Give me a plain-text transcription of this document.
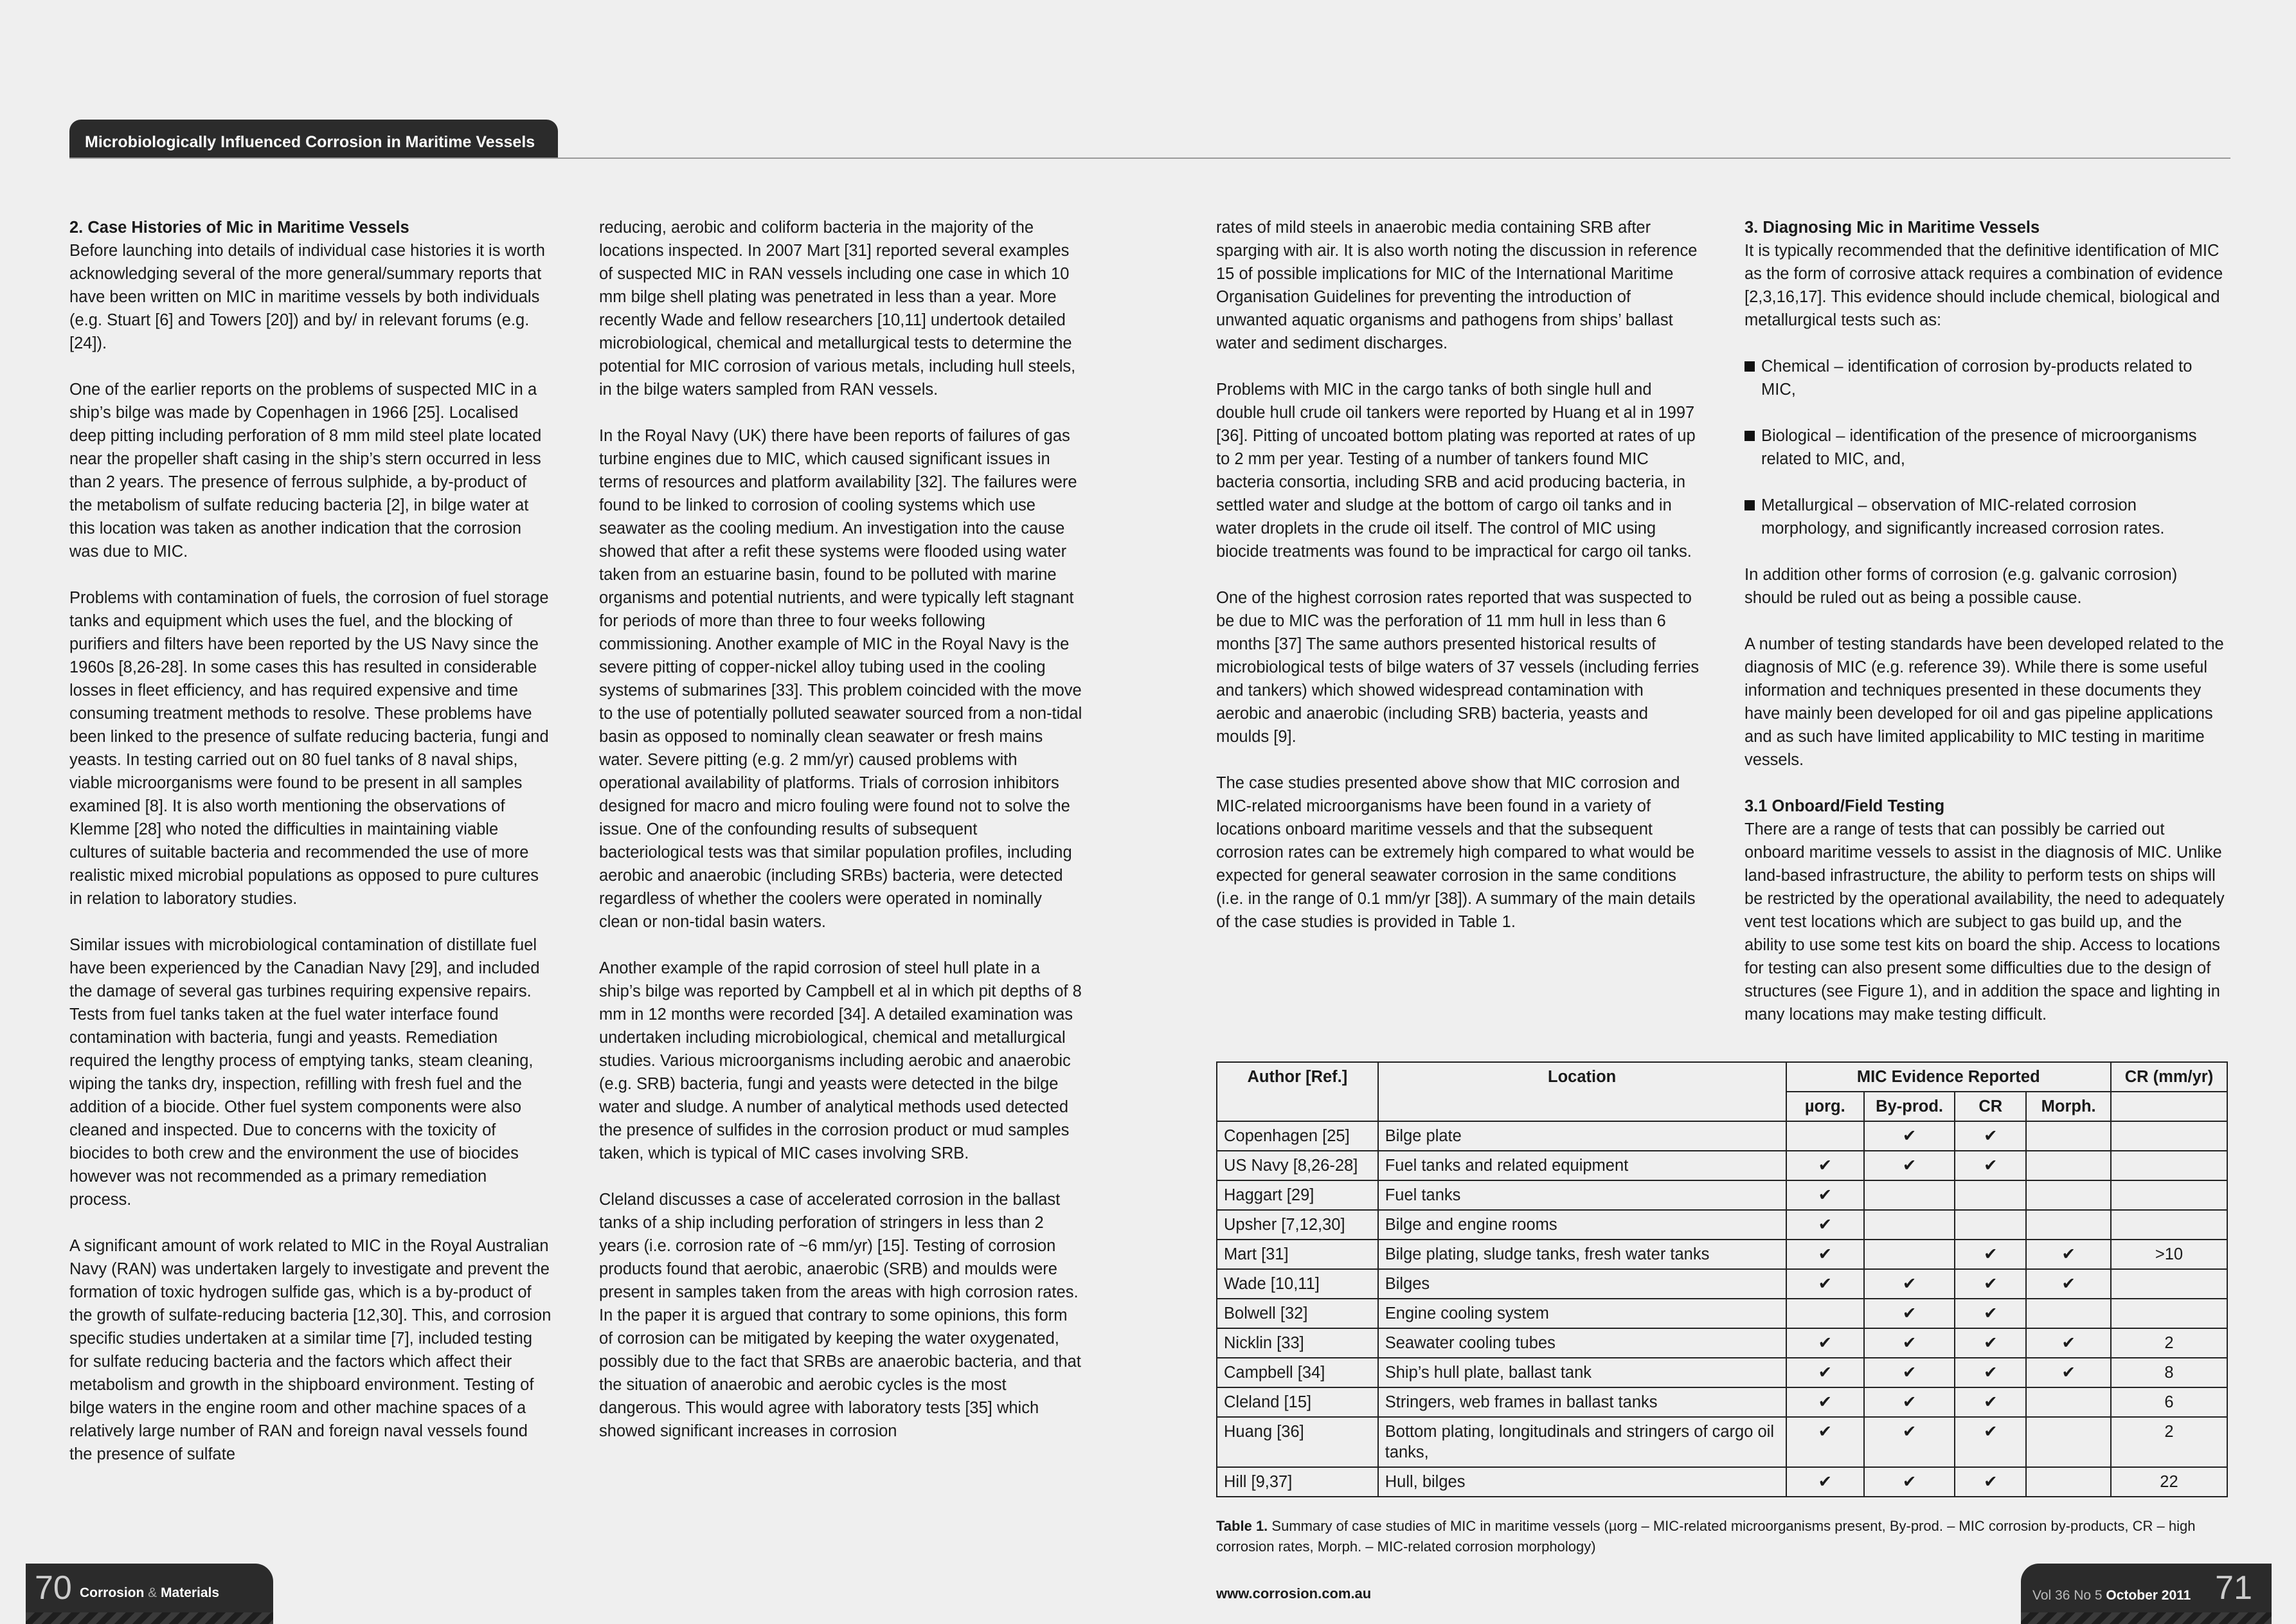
Microbiologically Influenced Corrosion in Maritime Vessels
2. Case Histories of Mic in Maritime Vessels

Before launching into details of individual case histories it is worth acknowledging several of the more general/summary reports that have been written on MIC in maritime vessels by both individuals (e.g. Stuart [6] and Towers [20]) and by/ in relevant forums (e.g. [24]).

One of the earlier reports on the problems of suspected MIC in a ship’s bilge was made by Copenhagen in 1966 [25]. Localised deep pitting including perforation of 8 mm mild steel plate located near the propeller shaft casing in the ship’s stern occurred in less than 2 years. The presence of ferrous sulphide, a by-product of the metabolism of sulfate reducing bacteria [2], in bilge water at this location was taken as another indication that the corrosion was due to MIC.

Problems with contamination of fuels, the corrosion of fuel storage tanks and equipment which uses the fuel, and the blocking of purifiers and filters have been reported by the US Navy since the 1960s [8,26-28]. In some cases this has resulted in considerable losses in fleet efficiency, and has required expensive and time consuming treatment methods to resolve. These problems have been linked to the presence of sulfate reducing bacteria, fungi and yeasts. In testing carried out on 80 fuel tanks of 8 naval ships, viable microorganisms were found to be present in all samples examined [8]. It is also worth mentioning the observations of Klemme [28] who noted the difficulties in maintaining viable cultures of suitable bacteria and recommended the use of more realistic mixed microbial populations as opposed to pure cultures in relation to laboratory studies.

Similar issues with microbiological contamination of distillate fuel have been experienced by the Canadian Navy [29], and included the damage of several gas turbines requiring expensive repairs. Tests from fuel tanks taken at the fuel water interface found contamination with bacteria, fungi and yeasts. Remediation required the lengthy process of emptying tanks, steam cleaning, wiping the tanks dry, inspection, refilling with fresh fuel and the addition of a biocide. Other fuel system components were also cleaned and inspected. Due to concerns with the toxicity of biocides to both crew and the environment the use of biocides however was not recommended as a primary remediation process.

A significant amount of work related to MIC in the Royal Australian Navy (RAN) was undertaken largely to investigate and prevent the formation of toxic hydrogen sulfide gas, which is a by-product of the growth of sulfate-reducing bacteria [12,30]. This, and corrosion specific studies undertaken at a similar time [7], included testing for sulfate reducing bacteria and the factors which affect their metabolism and growth in the shipboard environment. Testing of bilge waters in the engine room and other machine spaces of a relatively large number of RAN and foreign naval vessels found the presence of sulfate

reducing, aerobic and coliform bacteria in the majority of the locations inspected. In 2007 Mart [31] reported several examples of suspected MIC in RAN vessels including one case in which 10 mm bilge shell plating was penetrated in less than a year. More recently Wade and fellow researchers [10,11] undertook detailed microbiological, chemical and metallurgical tests to determine the potential for MIC corrosion of various metals, including hull steels, in the bilge waters sampled from RAN vessels.

In the Royal Navy (UK) there have been reports of failures of gas turbine engines due to MIC, which caused significant issues in terms of resources and platform availability [32]. The failures were found to be linked to corrosion of cooling systems which use seawater as the cooling medium. An investigation into the cause showed that after a refit these systems were flooded using water taken from an estuarine basin, found to be polluted with marine organisms and potential nutrients, and were typically left stagnant for periods of more than three to four weeks following commissioning. Another example of MIC in the Royal Navy is the severe pitting of copper-nickel alloy tubing used in the cooling systems of submarines [33]. This problem coincided with the move to the use of potentially polluted seawater sourced from a non-tidal basin as opposed to nominally clean seawater or fresh mains water. Severe pitting (e.g. 2 mm/yr) caused problems with operational availability of platforms. Trials of corrosion inhibitors designed for macro and micro fouling were found not to solve the issue. One of the confounding results of subsequent bacteriological tests was that similar population profiles, including aerobic and anaerobic (including SRBs) bacteria, were detected regardless of whether the coolers were operated in nominally clean or non-tidal basin waters.

Another example of the rapid corrosion of steel hull plate in a ship’s bilge was reported by Campbell et al in which pit depths of 8 mm in 12 months were recorded [34]. A detailed examination was undertaken including microbiological, chemical and metallurgical studies. Various microorganisms including aerobic and anaerobic (e.g. SRB) bacteria, fungi and yeasts were detected in the bilge water and sludge. A number of analytical methods used detected the presence of sulfides in the corrosion product or mud samples taken, which is typical of MIC cases involving SRB.

Cleland discusses a case of accelerated corrosion in the ballast tanks of a ship including perforation of stringers in less than 2 years (i.e. corrosion rate of ~6 mm/yr) [15]. Testing of corrosion products found that aerobic, anaerobic (SRB) and moulds were present in samples taken from the areas with high corrosion rates. In the paper it is argued that contrary to some opinions, this form of corrosion can be mitigated by keeping the water oxygenated, possibly due to the fact that SRBs are anaerobic bacteria, and that the situation of anaerobic and aerobic cycles is the most dangerous. This would agree with laboratory tests [35] which showed significant increases in corrosion

rates of mild steels in anaerobic media containing SRB after sparging with air. It is also worth noting the discussion in reference 15 of possible implications for MIC of the International Maritime Organisation Guidelines for preventing the introduction of unwanted aquatic organisms and pathogens from ships’ ballast water and sediment discharges.

Problems with MIC in the cargo tanks of both single hull and double hull crude oil tankers were reported by Huang et al in 1997 [36]. Pitting of uncoated bottom plating was reported at rates of up to 2 mm per year. Testing of a number of tankers found MIC bacteria consortia, including SRB and acid producing bacteria, in settled water and sludge at the bottom of cargo oil tanks and in water droplets in the crude oil itself. The control of MIC using biocide treatments was found to be impractical for cargo oil tanks.

One of the highest corrosion rates reported that was suspected to be due to MIC was the perforation of 11 mm hull in less than 6 months [37] The same authors presented historical results of microbiological tests of bilge waters of 37 vessels (including ferries and tankers) which showed widespread contamination with aerobic and anaerobic (including SRB) bacteria, yeasts and moulds [9].

The case studies presented above show that MIC corrosion and MIC-related microorganisms have been found in a variety of locations onboard maritime vessels and that the subsequent corrosion rates can be extremely high compared to what would be expected for general seawater corrosion in the same conditions (i.e. in the range of 0.1 mm/yr [38]). A summary of the main details of the case studies is provided in Table 1.

3. Diagnosing Mic in Maritime Vessels

It is typically recommended that the definitive identification of MIC as the form of corrosive attack requires a combination of evidence [2,3,16,17]. This evidence should include chemical, biological and metallurgical tests such as:

Chemical – identification of corrosion by-products related to MIC,
Biological – identification of the presence of microorganisms related to MIC, and,
Metallurgical – observation of MIC-related corrosion morphology, and significantly increased corrosion rates.

In addition other forms of corrosion (e.g. galvanic corrosion) should be ruled out as being a possible cause.

A number of testing standards have been developed related to the diagnosis of MIC (e.g. reference 39). While there is some useful information and techniques presented in these documents they have mainly been developed for oil and gas pipeline applications and as such have limited applicability to MIC testing in maritime vessels.

3.1 Onboard/Field Testing

There are a range of tests that can possibly be carried out onboard maritime vessels to assist in the diagnosis of MIC. Unlike land-based infrastructure, the ability to perform tests on ships will be restricted by the operational availability, the need to adequately vent test locations which are subject to gas build up, and the ability to use some test kits on board the ship. Access to locations for testing can also present some difficulties due to the design of structures (see Figure 1), and in addition the space and lighting in many locations may make testing difficult.

Author [Ref.]	Location	MIC Evidence Reported				CR (mm/yr)
		µorg.	By-prod.	CR	Morph.	
Copenhagen [25]	Bilge plate		✔	✔		
US Navy [8,26-28]	Fuel tanks and related equipment	✔	✔	✔		
Haggart [29]	Fuel tanks	✔				
Upsher [7,12,30]	Bilge and engine rooms	✔				
Mart [31]	Bilge plating, sludge tanks, fresh water tanks	✔		✔	✔	>10
Wade [10,11]	Bilges	✔	✔	✔	✔	
Bolwell [32]	Engine cooling system		✔	✔		
Nicklin [33]	Seawater cooling tubes	✔	✔	✔	✔	2
Campbell [34]	Ship’s hull plate, ballast tank	✔	✔	✔	✔	8
Cleland [15]	Stringers, web frames in ballast tanks	✔	✔	✔		6
Huang [36]	Bottom plating, longitudinals and stringers of cargo oil tanks,	✔	✔	✔		2
Hill [9,37]	Hull, bilges	✔	✔	✔		22
Table 1. Summary of case studies of MIC in maritime vessels (µorg – MIC-related microorganisms present, By-prod. – MIC corrosion by-products, CR – high corrosion rates, Morph. – MIC-related corrosion morphology)
70 Corrosion & Materials	www.corrosion.com.au	Vol 36 No 5 October 2011 71
